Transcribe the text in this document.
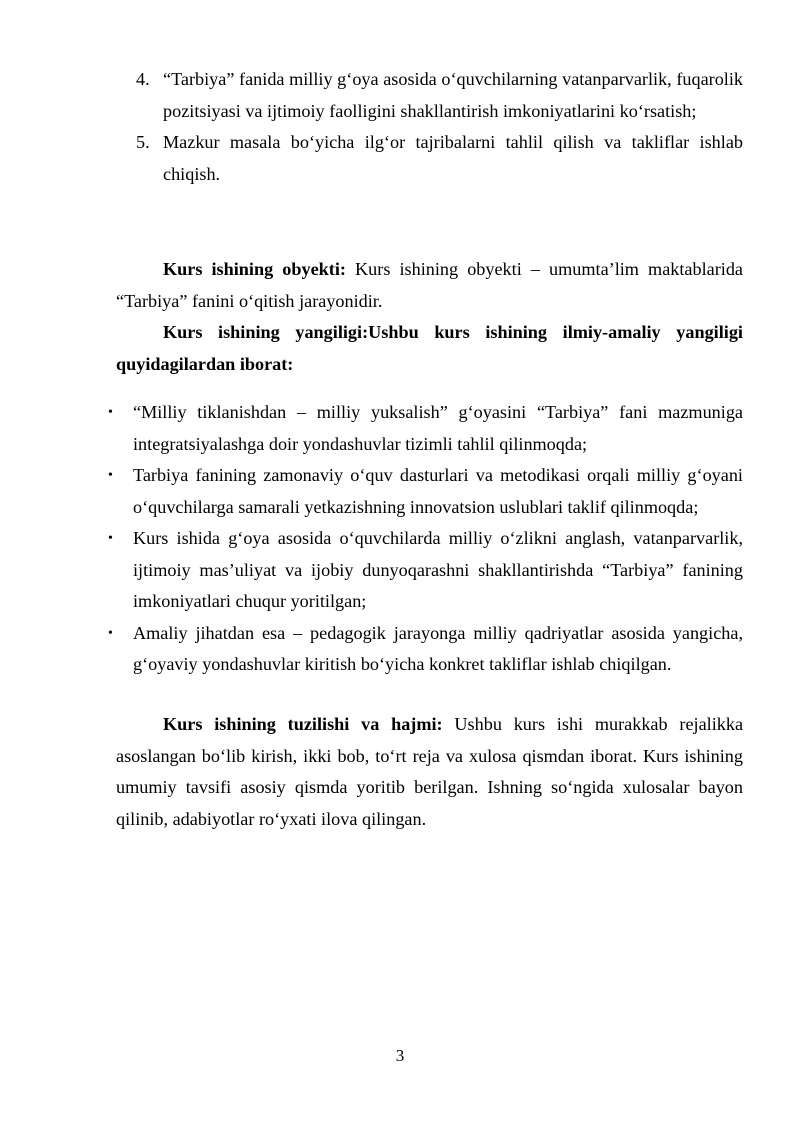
4. “Tarbiya” fanida milliy g‘oya asosida o‘quvchilarning vatanparvarlik, fuqarolik pozitsiyasi va ijtimoiy faolligini shakllantirish imkoniyatlarini ko‘rsatish;
5. Mazkur masala bo‘yicha ilg‘or tajribalarni tahlil qilish va takliflar ishlab chiqish.

Kurs ishining obyekti: Kurs ishining obyekti – umumta’lim maktablarida “Tarbiya” fanini o‘qitish jarayonidir.

Kurs ishining yangiligi:Ushbu kurs ishining ilmiy-amaliy yangiligi quyidagilardan iborat:

• “Milliy tiklanishdan – milliy yuksalish” g‘oyasini “Tarbiya” fani mazmuniga integratsiyalashga doir yondashuvlar tizimli tahlil qilinmoqda;
• Tarbiya fanining zamonaviy o‘quv dasturlari va metodikasi orqali milliy g‘oyani o‘quvchilarga samarali yetkazishning innovatsion uslublari taklif qilinmoqda;
• Kurs ishida g‘oya asosida o‘quvchilarda milliy o‘zlikni anglash, vatanparvarlik, ijtimoiy mas’uliyat va ijobiy dunyoqarashni shakllantirishda “Tarbiya” fanining imkoniyatlari chuqur yoritilgan;
• Amaliy jihatdan esa – pedagogik jarayonga milliy qadriyatlar asosida yangicha, g‘oyaviy yondashuvlar kiritish bo‘yicha konkret takliflar ishlab chiqilgan.

Kurs ishining tuzilishi va hajmi: Ushbu kurs ishi murakkab rejalikka asoslangan bo‘lib kirish, ikki bob, to‘rt reja va xulosa qismdan iborat. Kurs ishining umumiy tavsifi asosiy qismda yoritib berilgan. Ishning so‘ngida xulosalar bayon qilinib, adabiyotlar ro‘yxati ilova qilingan.

3
